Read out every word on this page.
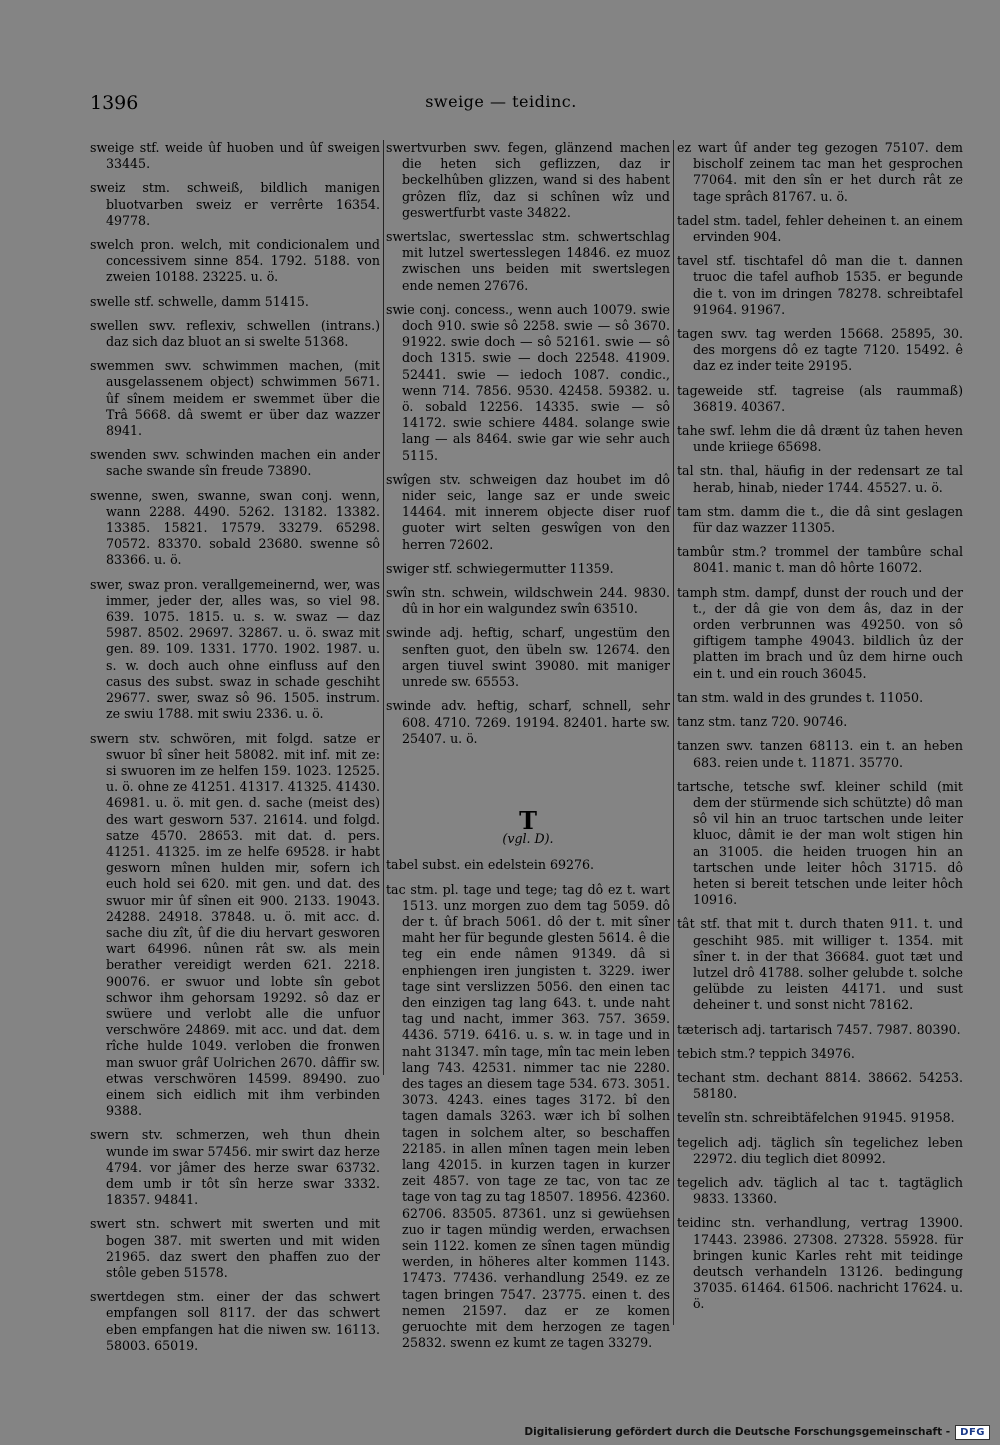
1396	sweige — teidinc.

sweige stf. weide ûf huoben und ûf sweigen 33445.

sweiz stm. schweiß, bildlich manigen bluotvarben sweiz er verrêrte 16354. 49778.

swelch pron. welch, mit condicionalem und concessivem sinne 854. 1792. 5188. von zweien 10188. 23225. u. ö.

swelle stf. schwelle, damm 51415.

swellen swv. reflexiv, schwellen (intrans.) daz sich daz bluot an si swelte 51368.

swemmen swv. schwimmen machen, (mit ausgelassenem object) schwimmen 5671. ûf sînem meidem er swemmet über die Trâ 5668. dâ swemt er über daz wazzer 8941.

swenden swv. schwinden machen ein ander sache swande sîn freude 73890.

swenne, swen, swanne, swan conj. wenn, wann 2288. 4490. 5262. 13182. 13382. 13385. 15821. 17579. 33279. 65298. 70572. 83370. sobald 23680. swenne sô 83366. u. ö.

swer, swaz pron. verallgemeinernd, wer, was immer, jeder der, alles was, so viel 98. 639. 1075. 1815. u. s. w. swaz — daz 5987. 8502. 29697. 32867. u. ö. swaz mit gen. 89. 109. 1331. 1770. 1902. 1987. u. s. w. doch auch ohne einfluss auf den casus des subst. swaz in schade geschiht 29677. swer, swaz sô 96. 1505. instrum. ze swiu 1788. mit swiu 2336. u. ö.

swern stv. schwören, mit folgd. satze er swuor bî sîner heit 58082. mit inf. mit ze: si swuoren im ze helfen 159. 1023. 12525. u. ö. ohne ze 41251. 41317. 41325. 41430. 46981. u. ö. mit gen. d. sache (meist des) des wart gesworn 537. 21614. und folgd. satze 4570. 28653. mit dat. d. pers. 41251. 41325. im ze helfe 69528. ir habt gesworn mînen hulden mir, sofern ich euch hold sei 620. mit gen. und dat. des swuor mir ûf sînen eit 900. 2133. 19043. 24288. 24918. 37848. u. ö. mit acc. d. sache diu zît, ûf die diu hervart gesworen wart 64996. nûnen rât sw. als mein berather vereidigt werden 621. 2218. 90076. er swuor und lobte sîn gebot schwor ihm gehorsam 19292. sô daz er swüere und verlobt alle die unfuor verschwöre 24869. mit acc. und dat. dem rîche hulde 1049. verloben die fronwen man swuor grâf Uolrichen 2670. dâffir sw. etwas verschwören 14599. 89490. zuo einem sich eidlich mit ihm verbinden 9388.

swern stv. schmerzen, weh thun dhein wunde im swar 57456. mir swirt daz herze 4794. vor jâmer des herze swar 63732. dem umb ir tôt sîn herze swar 3332. 18357. 94841.

swert stn. schwert mit swerten und mit bogen 387. mit swerten und mit widen 21965. daz swert den phaffen zuo der stôle geben 51578.

swertdegen stm. einer der das schwert empfangen soll 8117. der das schwert eben empfangen hat die niwen sw. 16113. 58003. 65019.

swertvurben swv. fegen, glänzend machen die heten sich geflizzen, daz ir beckelhûben glizzen, wand si des habent grôzen flîz, daz si schînen wîz und geswertfurbt vaste 34822.

swertslac, swertesslac stm. schwertschlag mit lutzel swertesslegen 14846. ez muoz zwischen uns beiden mit swertslegen ende nemen 27676.

swie conj. concess., wenn auch 10079. swie doch 910. swie sô 2258. swie — sô 3670. 91922. swie doch — sô 52161. swie — sô doch 1315. swie — doch 22548. 41909. 52441. swie — iedoch 1087. condic., wenn 714. 7856. 9530. 42458. 59382. u. ö. sobald 12256. 14335. swie — sô 14172. swie schiere 4484. solange swie lang — als 8464. swie gar wie sehr auch 5115.

swîgen stv. schweigen daz houbet im dô nider seic, lange saz er unde sweic 14464. mit innerem objecte diser ruof guoter wirt selten geswîgen von den herren 72602.

swiger stf. schwiegermutter 11359.

swîn stn. schwein, wildschwein 244. 9830. dû in hor ein walgundez swîn 63510.

swinde adj. heftig, scharf, ungestüm den senften guot, den übeln sw. 12674. den argen tiuvel swint 39080. mit maniger unrede sw. 65553.

swinde adv. heftig, scharf, schnell, sehr 608. 4710. 7269. 19194. 82401. harte sw. 25407. u. ö.

T
(vgl. D).

tabel subst. ein edelstein 69276.

tac stm. pl. tage und tege; tag dô ez t. wart 1513. unz morgen zuo dem tag 5059. dô der t. ûf brach 5061. dô der t. mit sîner maht her für begunde glesten 5614. ê die teg ein ende nâmen 91349. dâ si enphiengen iren jungisten t. 3229. iwer tage sint verslizzen 5056. den einen tac den einzigen tag lang 643. t. unde naht tag und nacht, immer 363. 757. 3659. 4436. 5719. 6416. u. s. w. in tage und in naht 31347. mîn tage, mîn tac mein leben lang 743. 42531. nimmer tac nie 2280. des tages an diesem tage 534. 673. 3051. 3073. 4243. eines tages 3172. bî den tagen damals 3263. wær ich bî solhen tagen in solchem alter, so beschaffen 22185. in allen mînen tagen mein leben lang 42015. in kurzen tagen in kurzer zeit 4857. von tage ze tac, von tac ze tage von tag zu tag 18507. 18956. 42360. 62706. 83505. 87361. unz si gewüehsen zuo ir tagen mündig werden, erwachsen sein 1122. komen ze sînen tagen mündig werden, in höheres alter kommen 1143. 17473. 77436. verhandlung 2549. ez ze tagen bringen 7547. 23775. einen t. des nemen 21597. daz er ze komen geruochte mit dem herzogen ze tagen 25832. swenn ez kumt ze tagen 33279.

ez wart ûf ander teg gezogen 75107. dem bischolf zeinem tac man het gesprochen 77064. mit den sîn er het durch rât ze tage sprâch 81767. u. ö.

tadel stm. tadel, fehler deheinen t. an einem ervinden 904.

tavel stf. tischtafel dô man die t. dannen truoc die tafel aufhob 1535. er begunde die t. von im dringen 78278. schreibtafel 91964. 91967.

tagen swv. tag werden 15668. 25895, 30. des morgens dô ez tagte 7120. 15492. ê daz ez inder teite 29195.

tageweide stf. tagreise (als raummaß) 36819. 40367.

tahe swf. lehm die dâ drænt ûz tahen heven unde kriiege 65698.

tal stn. thal, häufig in der redensart ze tal herab, hinab, nieder 1744. 45527. u. ö.

tam stm. damm die t., die dâ sint geslagen für daz wazzer 11305.

tambûr stm.? trommel der tambûre schal 8041. manic t. man dô hôrte 16072.

tamph stm. dampf, dunst der rouch und der t., der dâ gie von dem âs, daz in der orden verbrunnen was 49250. von sô giftigem tamphe 49043. bildlich ûz der platten im brach und ûz dem hirne ouch ein t. und ein rouch 36045.

tan stm. wald in des grundes t. 11050.

tanz stm. tanz 720. 90746.

tanzen swv. tanzen 68113. ein t. an heben 683. reien unde t. 11871. 35770.

tartsche, tetsche swf. kleiner schild (mit dem der stürmende sich schützte) dô man sô vil hin an truoc tartschen unde leiter kluoc, dâmit ie der man wolt stigen hin an 31005. die heiden truogen hin an tartschen unde leiter hôch 31715. dô heten si bereit tetschen unde leiter hôch 10916.

tât stf. that mit t. durch thaten 911. t. und geschiht 985. mit williger t. 1354. mit sîner t. in der that 36684. guot tæt und lutzel drô 41788. solher gelubde t. solche gelübde zu leisten 44171. und sust deheiner t. und sonst nicht 78162.

tæterisch adj. tartarisch 7457. 7987. 80390.

tebich stm.? teppich 34976.

techant stm. dechant 8814. 38662. 54253. 58180.

tevelîn stn. schreibtäfelchen 91945. 91958.

tegelich adj. täglich sîn tegelichez leben 22972. diu teglich diet 80992.

tegelich adv. täglich al tac t. tagtäglich 9833. 13360.

teidinc stn. verhandlung, vertrag 13900. 17443. 23986. 27308. 27328. 55928. für bringen kunic Karles reht mit teidinge deutsch verhandeln 13126. bedingung 37035. 61464. 61506. nachricht 17624. u. ö.

Digitalisierung gefördert durch die Deutsche Forschungsgemeinschaft -	DFG
